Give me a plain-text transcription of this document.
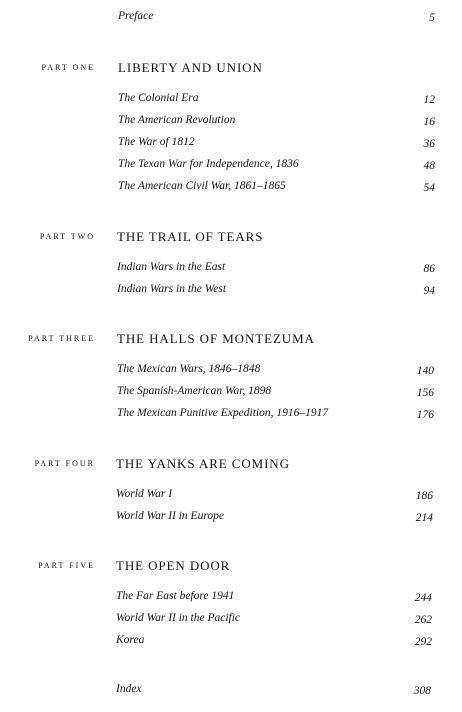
Preface	5
PART ONE LIBERTY AND UNION
The Colonial Era	12
The American Revolution	16
The War of 1812	36
The Texan War for Independence, 1836	48
The American Civil War, 1861–1865	54
PART TWO THE TRAIL OF TEARS
Indian Wars in the East	86
Indian Wars in the West	94
PART THREE THE HALLS OF MONTEZUMA
The Mexican Wars, 1846–1848	140
The Spanish-American War, 1898	156
The Mexican Punitive Expedition, 1916–1917	176
PART FOUR THE YANKS ARE COMING
World War I	186
World War II in Europe	214
PART FIVE THE OPEN DOOR
The Far East before 1941	244
World War II in the Pacific	262
Korea	292
Index	308
